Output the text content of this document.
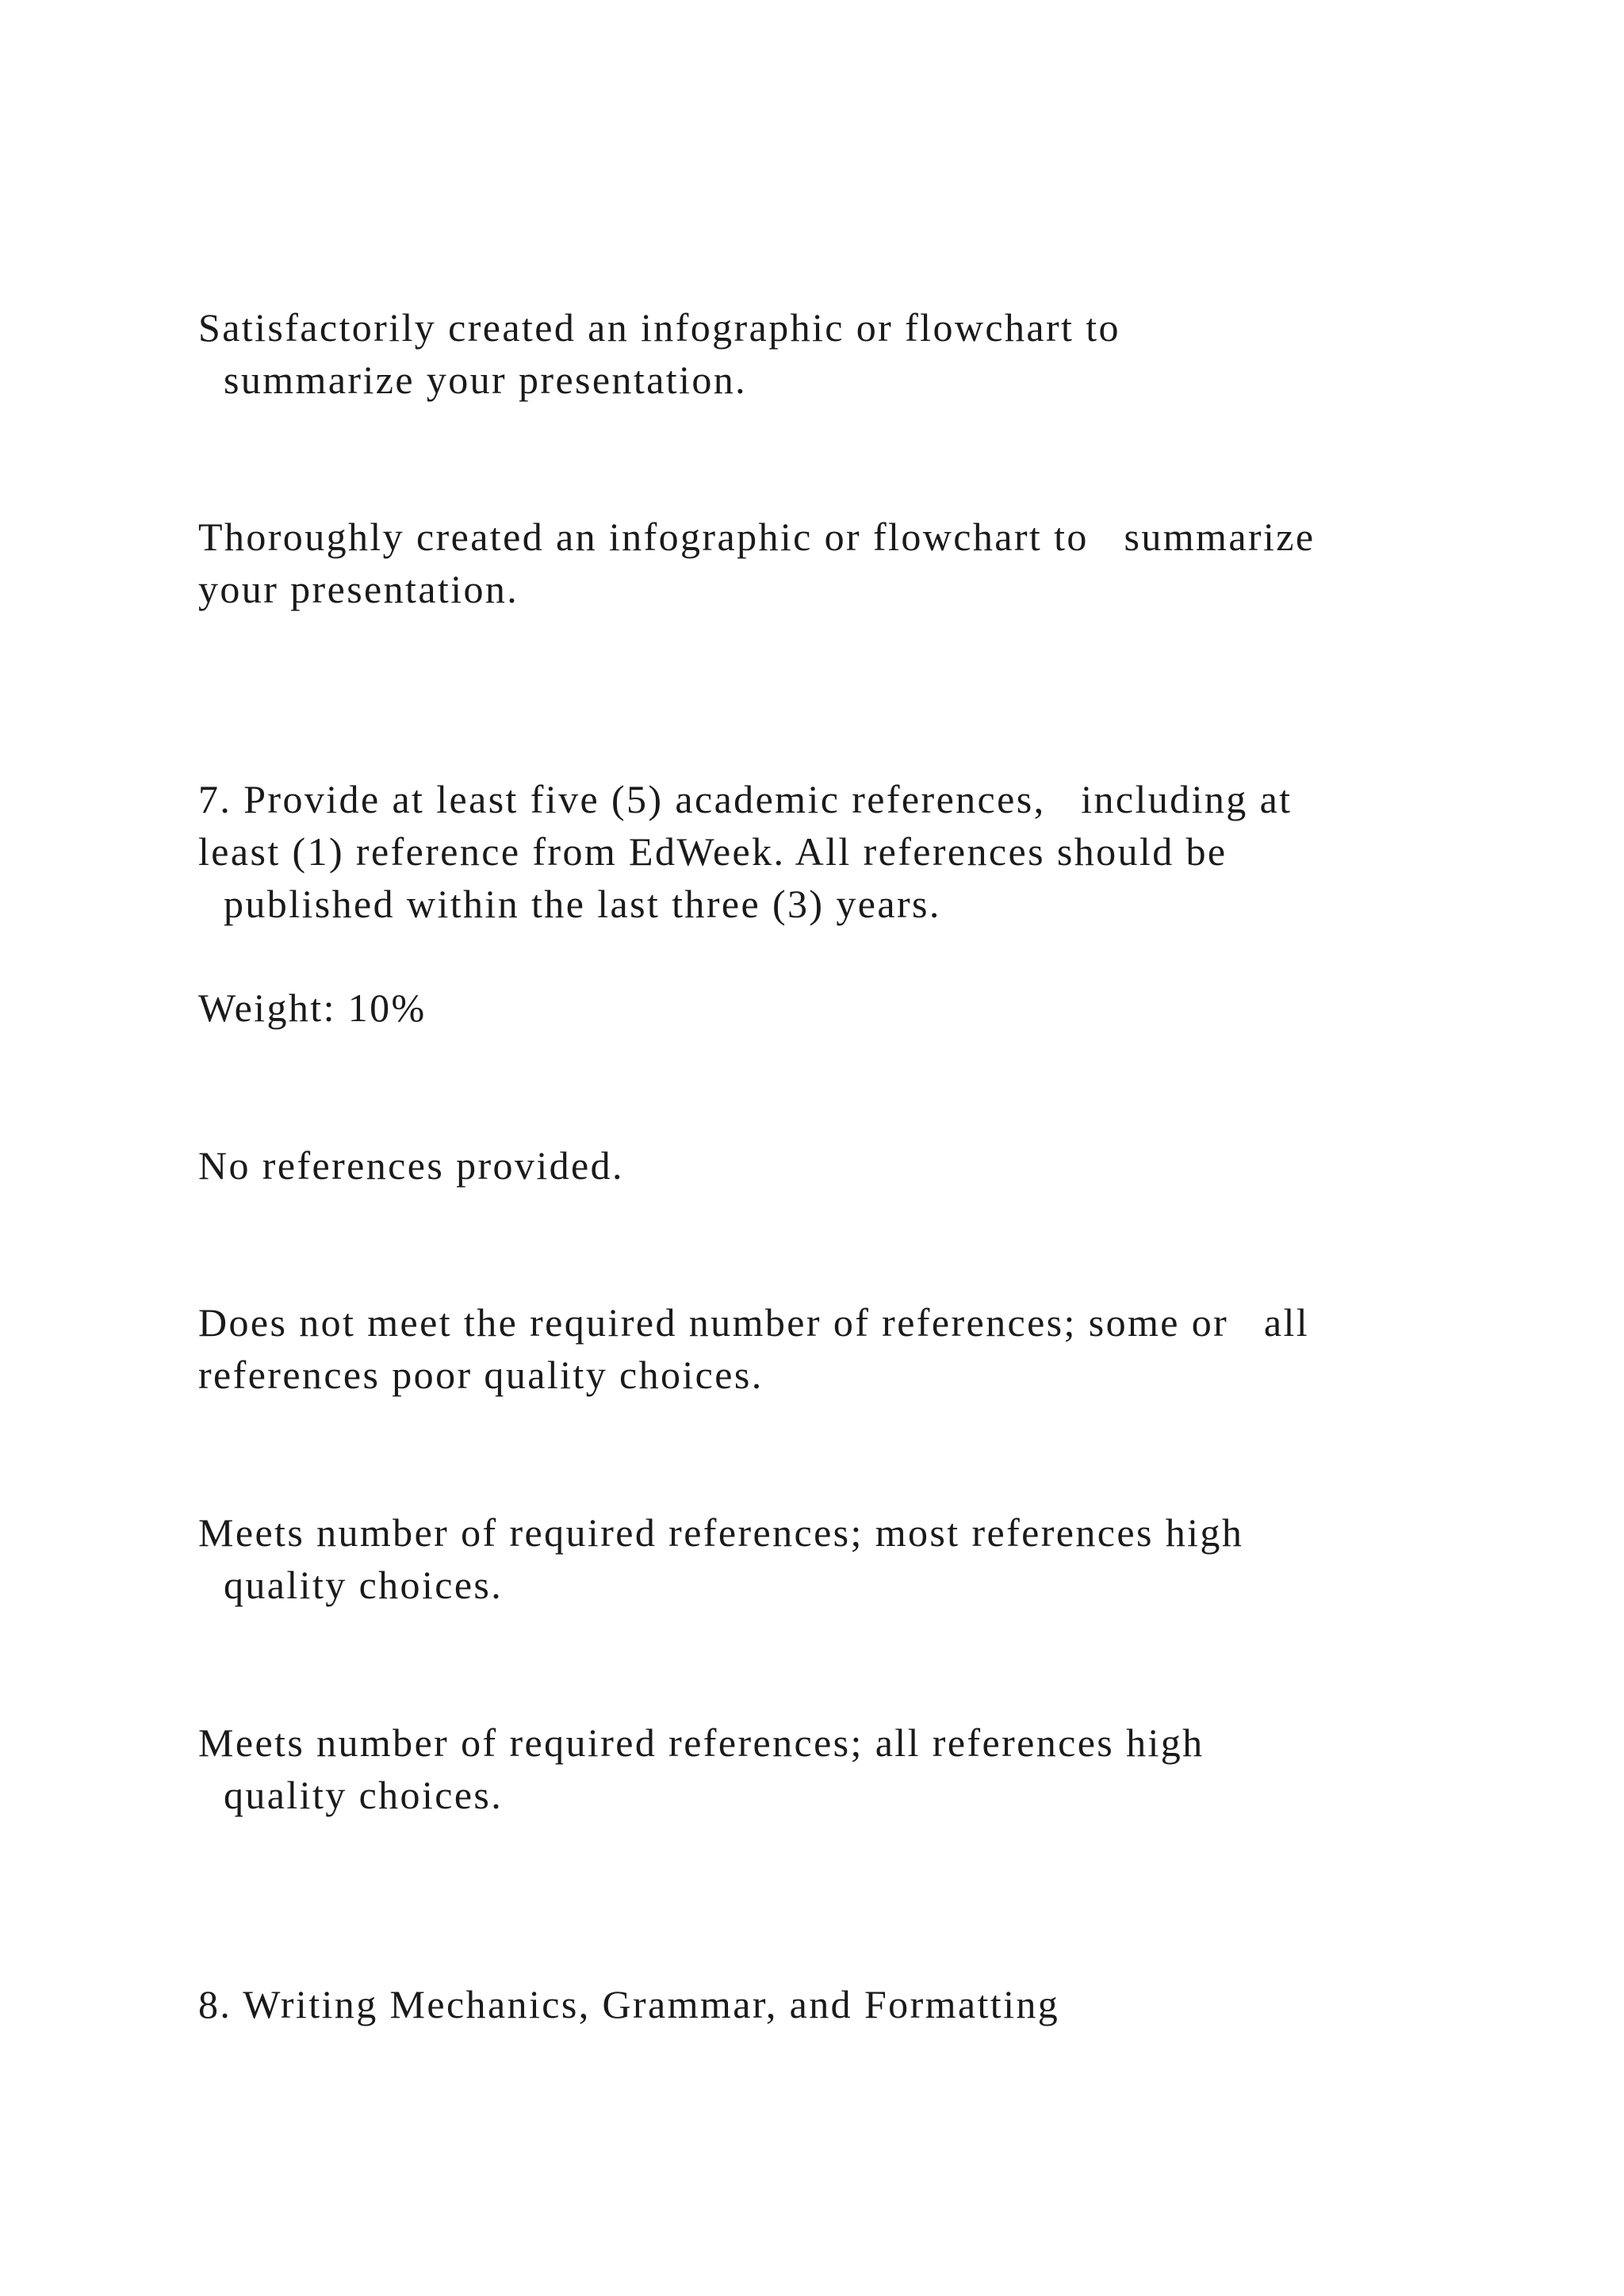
Satisfactorily created an infographic or flowchart to

summarize your presentation.

Thoroughly created an infographic or flowchart to   summarize

your presentation.

7. Provide at least five (5) academic references,   including at

least (1) reference from EdWeek. All references should be

published within the last three (3) years.

Weight: 10%

No references provided.

Does not meet the required number of references; some or   all

references poor quality choices.

Meets number of required references; most references high

quality choices.

Meets number of required references; all references high

quality choices.

8. Writing Mechanics, Grammar, and Formatting
